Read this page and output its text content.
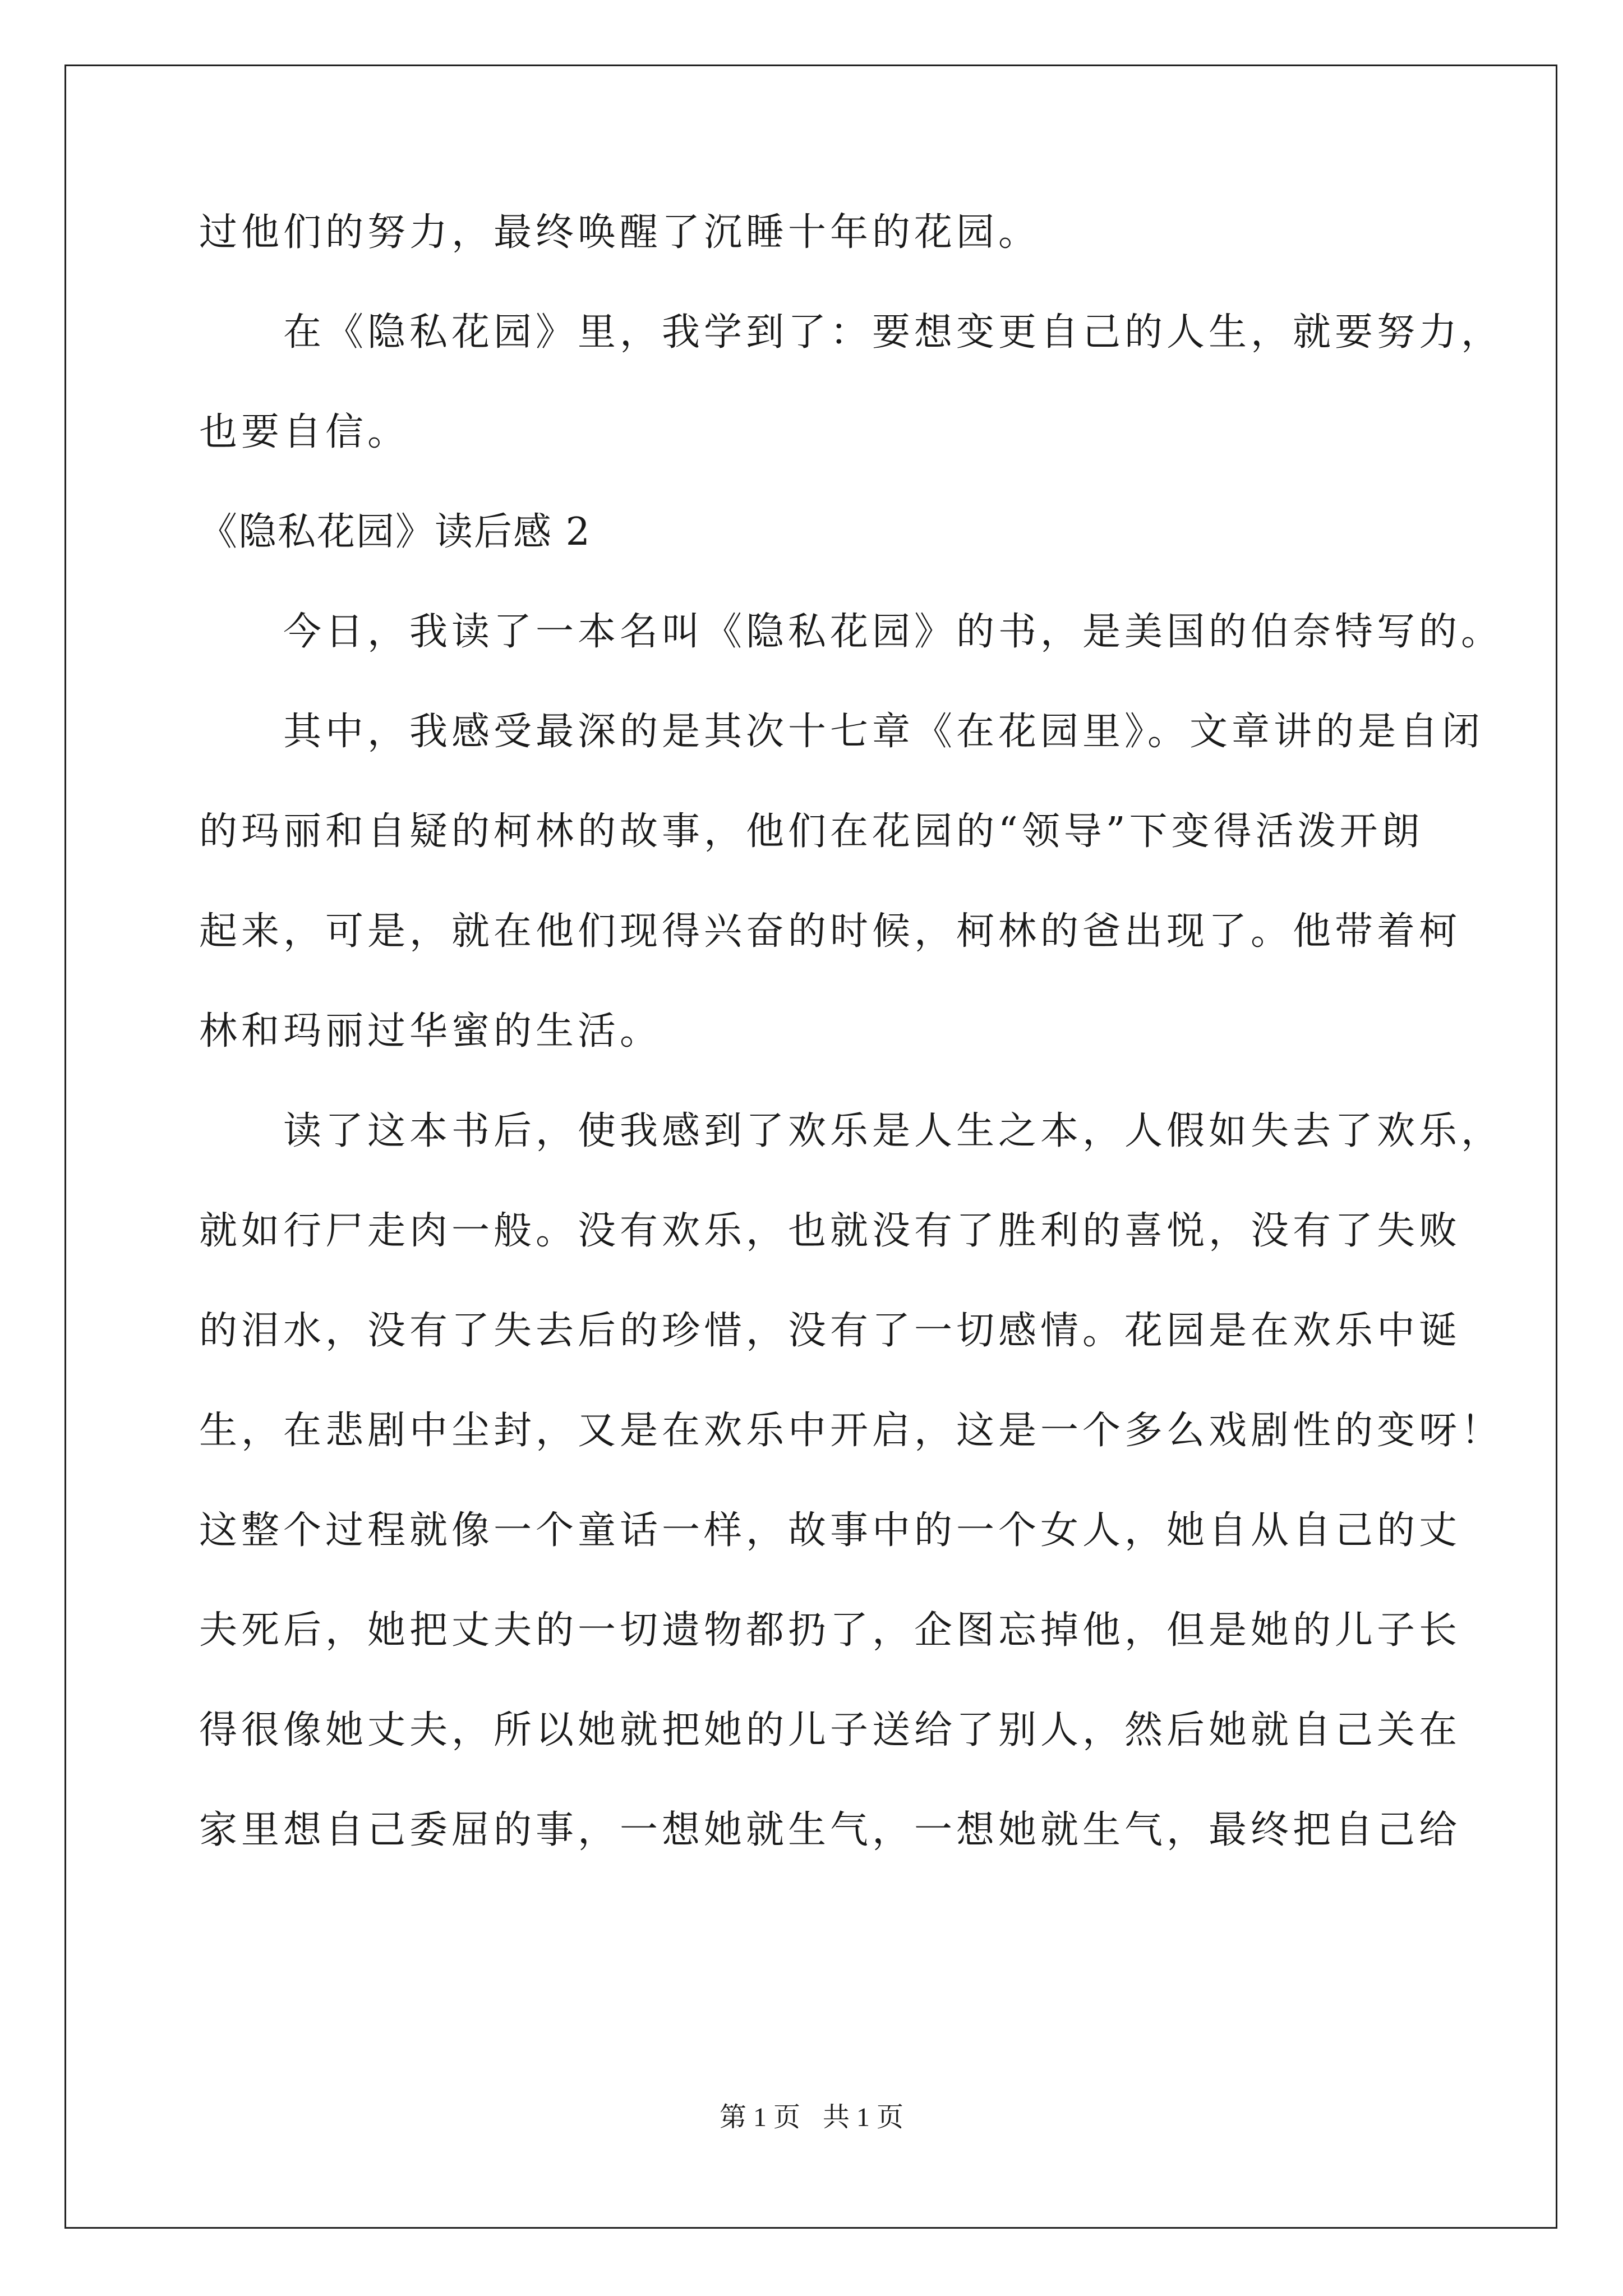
过他们的努力，最终唤醒了沉睡十年的花园。
在《隐私花园》里，我学到了：要想变更自己的人生，就要努力，
也要自信。
《隐私花园》读后感 2
今日，我读了一本名叫《隐私花园》的书，是美国的伯奈特写的。
其中，我感受最深的是其次十七章《在花园里》。文章讲的是自闭
的玛丽和自疑的柯林的故事，他们在花园的“领导”下变得活泼开朗
起来，可是，就在他们现得兴奋的时候，柯林的爸出现了。他带着柯
林和玛丽过华蜜的生活。
读了这本书后，使我感到了欢乐是人生之本，人假如失去了欢乐，
就如行尸走肉一般。没有欢乐，也就没有了胜利的喜悦，没有了失败
的泪水，没有了失去后的珍惜，没有了一切感情。花园是在欢乐中诞
生，在悲剧中尘封，又是在欢乐中开启，这是一个多么戏剧性的变呀！
这整个过程就像一个童话一样，故事中的一个女人，她自从自己的丈
夫死后，她把丈夫的一切遗物都扔了，企图忘掉他，但是她的儿子长
得很像她丈夫，所以她就把她的儿子送给了别人，然后她就自己关在
家里想自己委屈的事，一想她就生气，一想她就生气，最终把自己给
第 1 页 共 1 页
